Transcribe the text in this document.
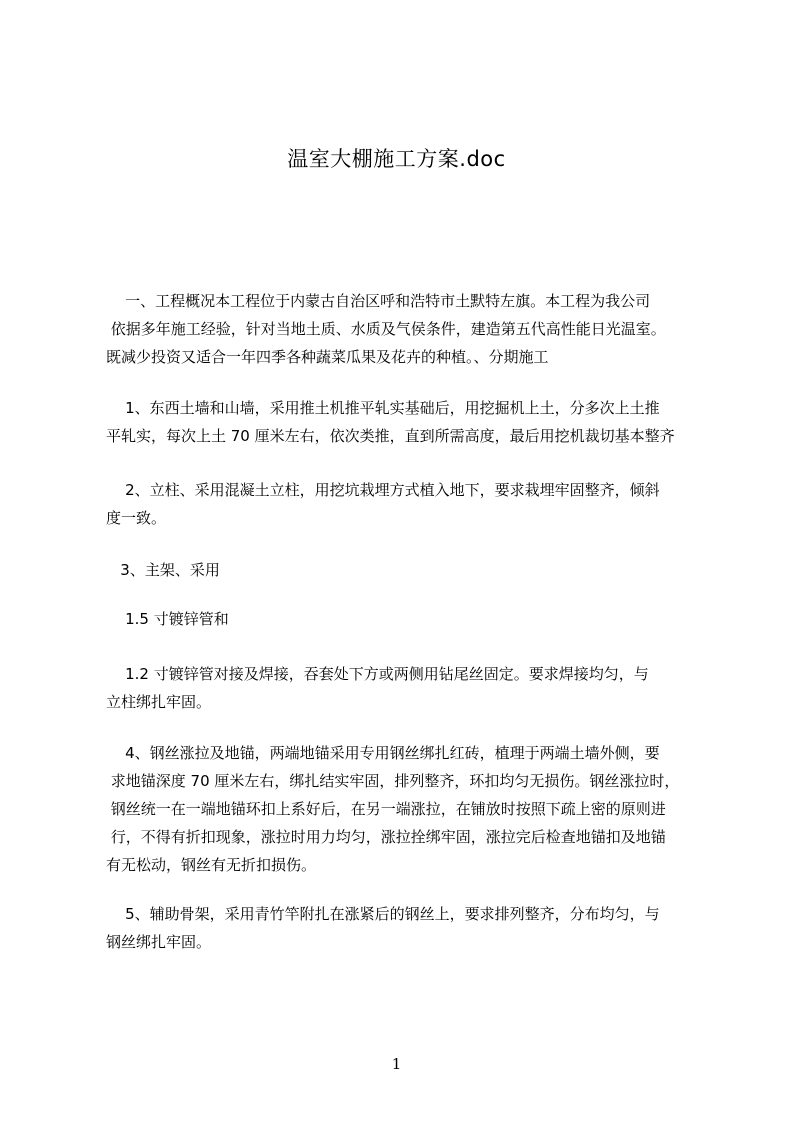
温室大棚施工方案.doc
一、工程概况本工程位于内蒙古自治区呼和浩特市土默特左旗。本工程为我公司
依据多年施工经验，针对当地土质、水质及气侯条件，建造第五代高性能日光温室。
既减少投资又适合一年四季各种蔬菜瓜果及花卉的种植。、分期施工
1、东西土墙和山墙，采用推土机推平轧实基础后，用挖掘机上土，分多次上土推
平轧实，每次上土 70 厘米左右，依次类推，直到所需高度，最后用挖机裁切基本整齐
2、立柱、采用混凝土立柱，用挖坑栽埋方式植入地下，要求栽埋牢固整齐，倾斜
度一致。
3、主架、采用
1.5 寸镀锌管和
1.2 寸镀锌管对接及焊接，吞套处下方或两侧用钻尾丝固定。要求焊接均匀，与
立柱绑扎牢固。
4、钢丝涨拉及地锚，两端地锚采用专用钢丝绑扎红砖，植理于两端土墙外侧，要
求地锚深度 70 厘米左右，绑扎结实牢固，排列整齐，环扣均匀无损伤。钢丝涨拉时，
钢丝统一在一端地锚环扣上系好后，在另一端涨拉，在铺放时按照下疏上密的原则进
行，不得有折扣现象，涨拉时用力均匀，涨拉拴绑牢固，涨拉完后检查地锚扣及地锚
有无松动，钢丝有无折扣损伤。
5、辅助骨架，采用青竹竿附扎在涨紧后的钢丝上，要求排列整齐，分布均匀，与
钢丝绑扎牢固。
1
